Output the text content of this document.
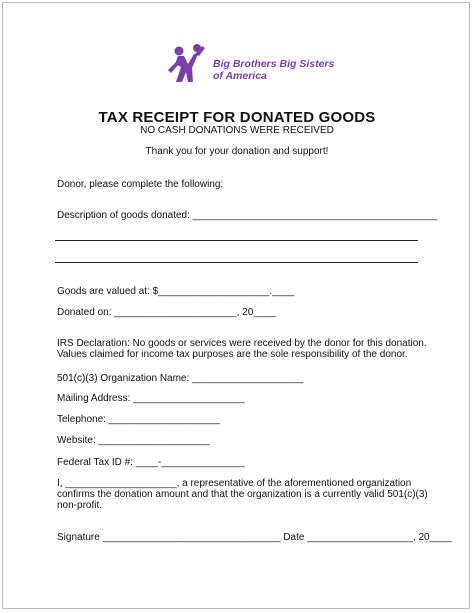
Big Brothers Big Sisters
of America
TAX RECEIPT FOR DONATED GOODS
NO CASH DONATIONS WERE RECEIVED
Thank you for your donation and support!
Donor, please complete the following:
Description of goods donated: ____________________________________________
Goods are valued at: $____________________.____
Donated on: ______________________, 20____
IRS Declaration: No goods or services were received by the donor for this donation.
Values claimed for income tax purposes are the sole responsibility of the donor.
501(c)(3) Organization Name: ____________________
Mailing Address: ____________________
Telephone: ____________________
Website: ____________________
Federal Tax ID #: ____-_______________
I, ____________________, a representative of the aforementioned organization
confirms the donation amount and that the organization is a currently valid 501(c)(3)
non-profit.
Signature ________________________________ Date ___________________, 20____
